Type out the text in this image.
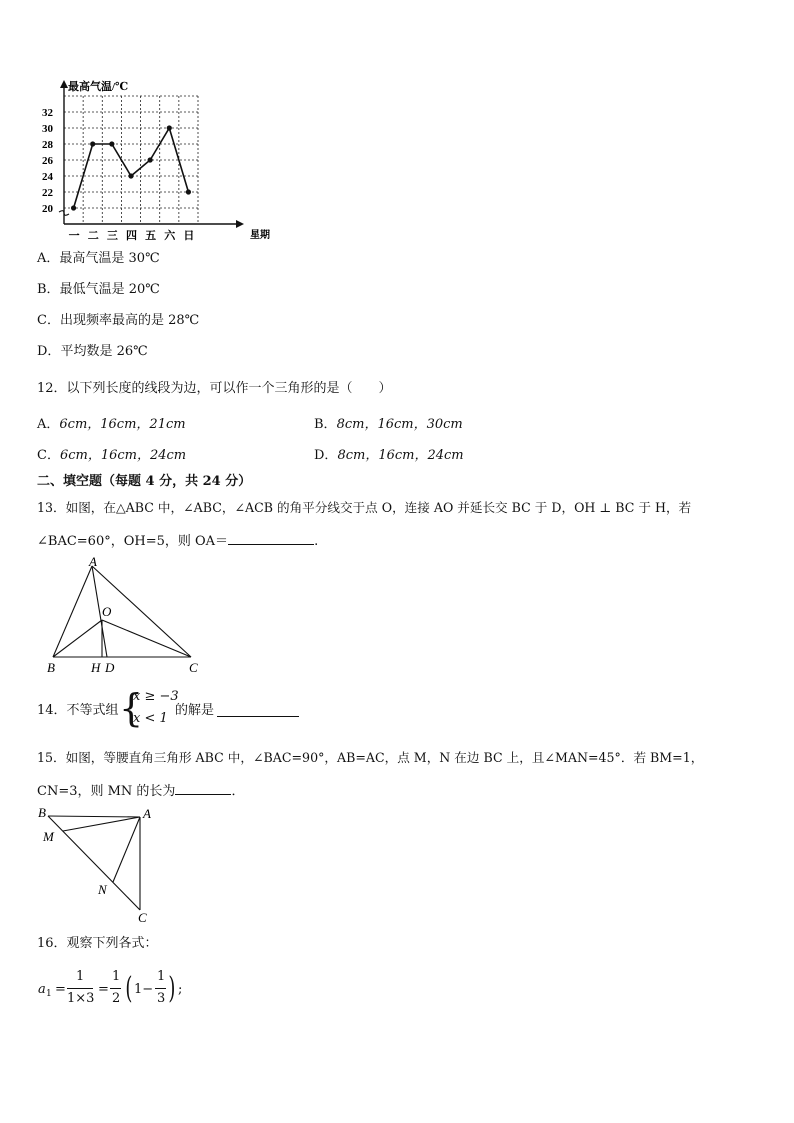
最高气温/℃
星期
20
22
24
26
28
30
32
一 二 三 四 五 六 日
A．最高气温是 30℃
B．最低气温是 20℃
C．出现频率最高的是 28℃
D．平均数是 26℃
12．以下列长度的线段为边，可以作一个三角形的是（　　）
A．6cm，16cm，21cm	B．8cm，16cm，30cm
C．6cm，16cm，24cm	D．8cm，16cm，24cm
二、填空题（每题 4 分，共 24 分）
13．如图，在△ABC 中，∠ABC，∠ACB 的角平分线交于点 O，连接 AO 并延长交 BC 于 D，OH ⊥ BC 于 H，若
∠BAC=60°，OH=5，则 OA＝	.
A
O
B	H D	C
14．不等式组 {
x ≥ −3
x < 1
的解是
15．如图，等腰直角三角形 ABC 中，∠BAC=90°，AB=AC，点 M，N 在边 BC 上，且∠MAN=45°．若 BM=1，
CN=3，则 MN 的长为	．
B	A
M
N
C
16．观察下列各式：
a 1 =
1
1×3
=
1
2 ( 1−
1
3 ) ;
